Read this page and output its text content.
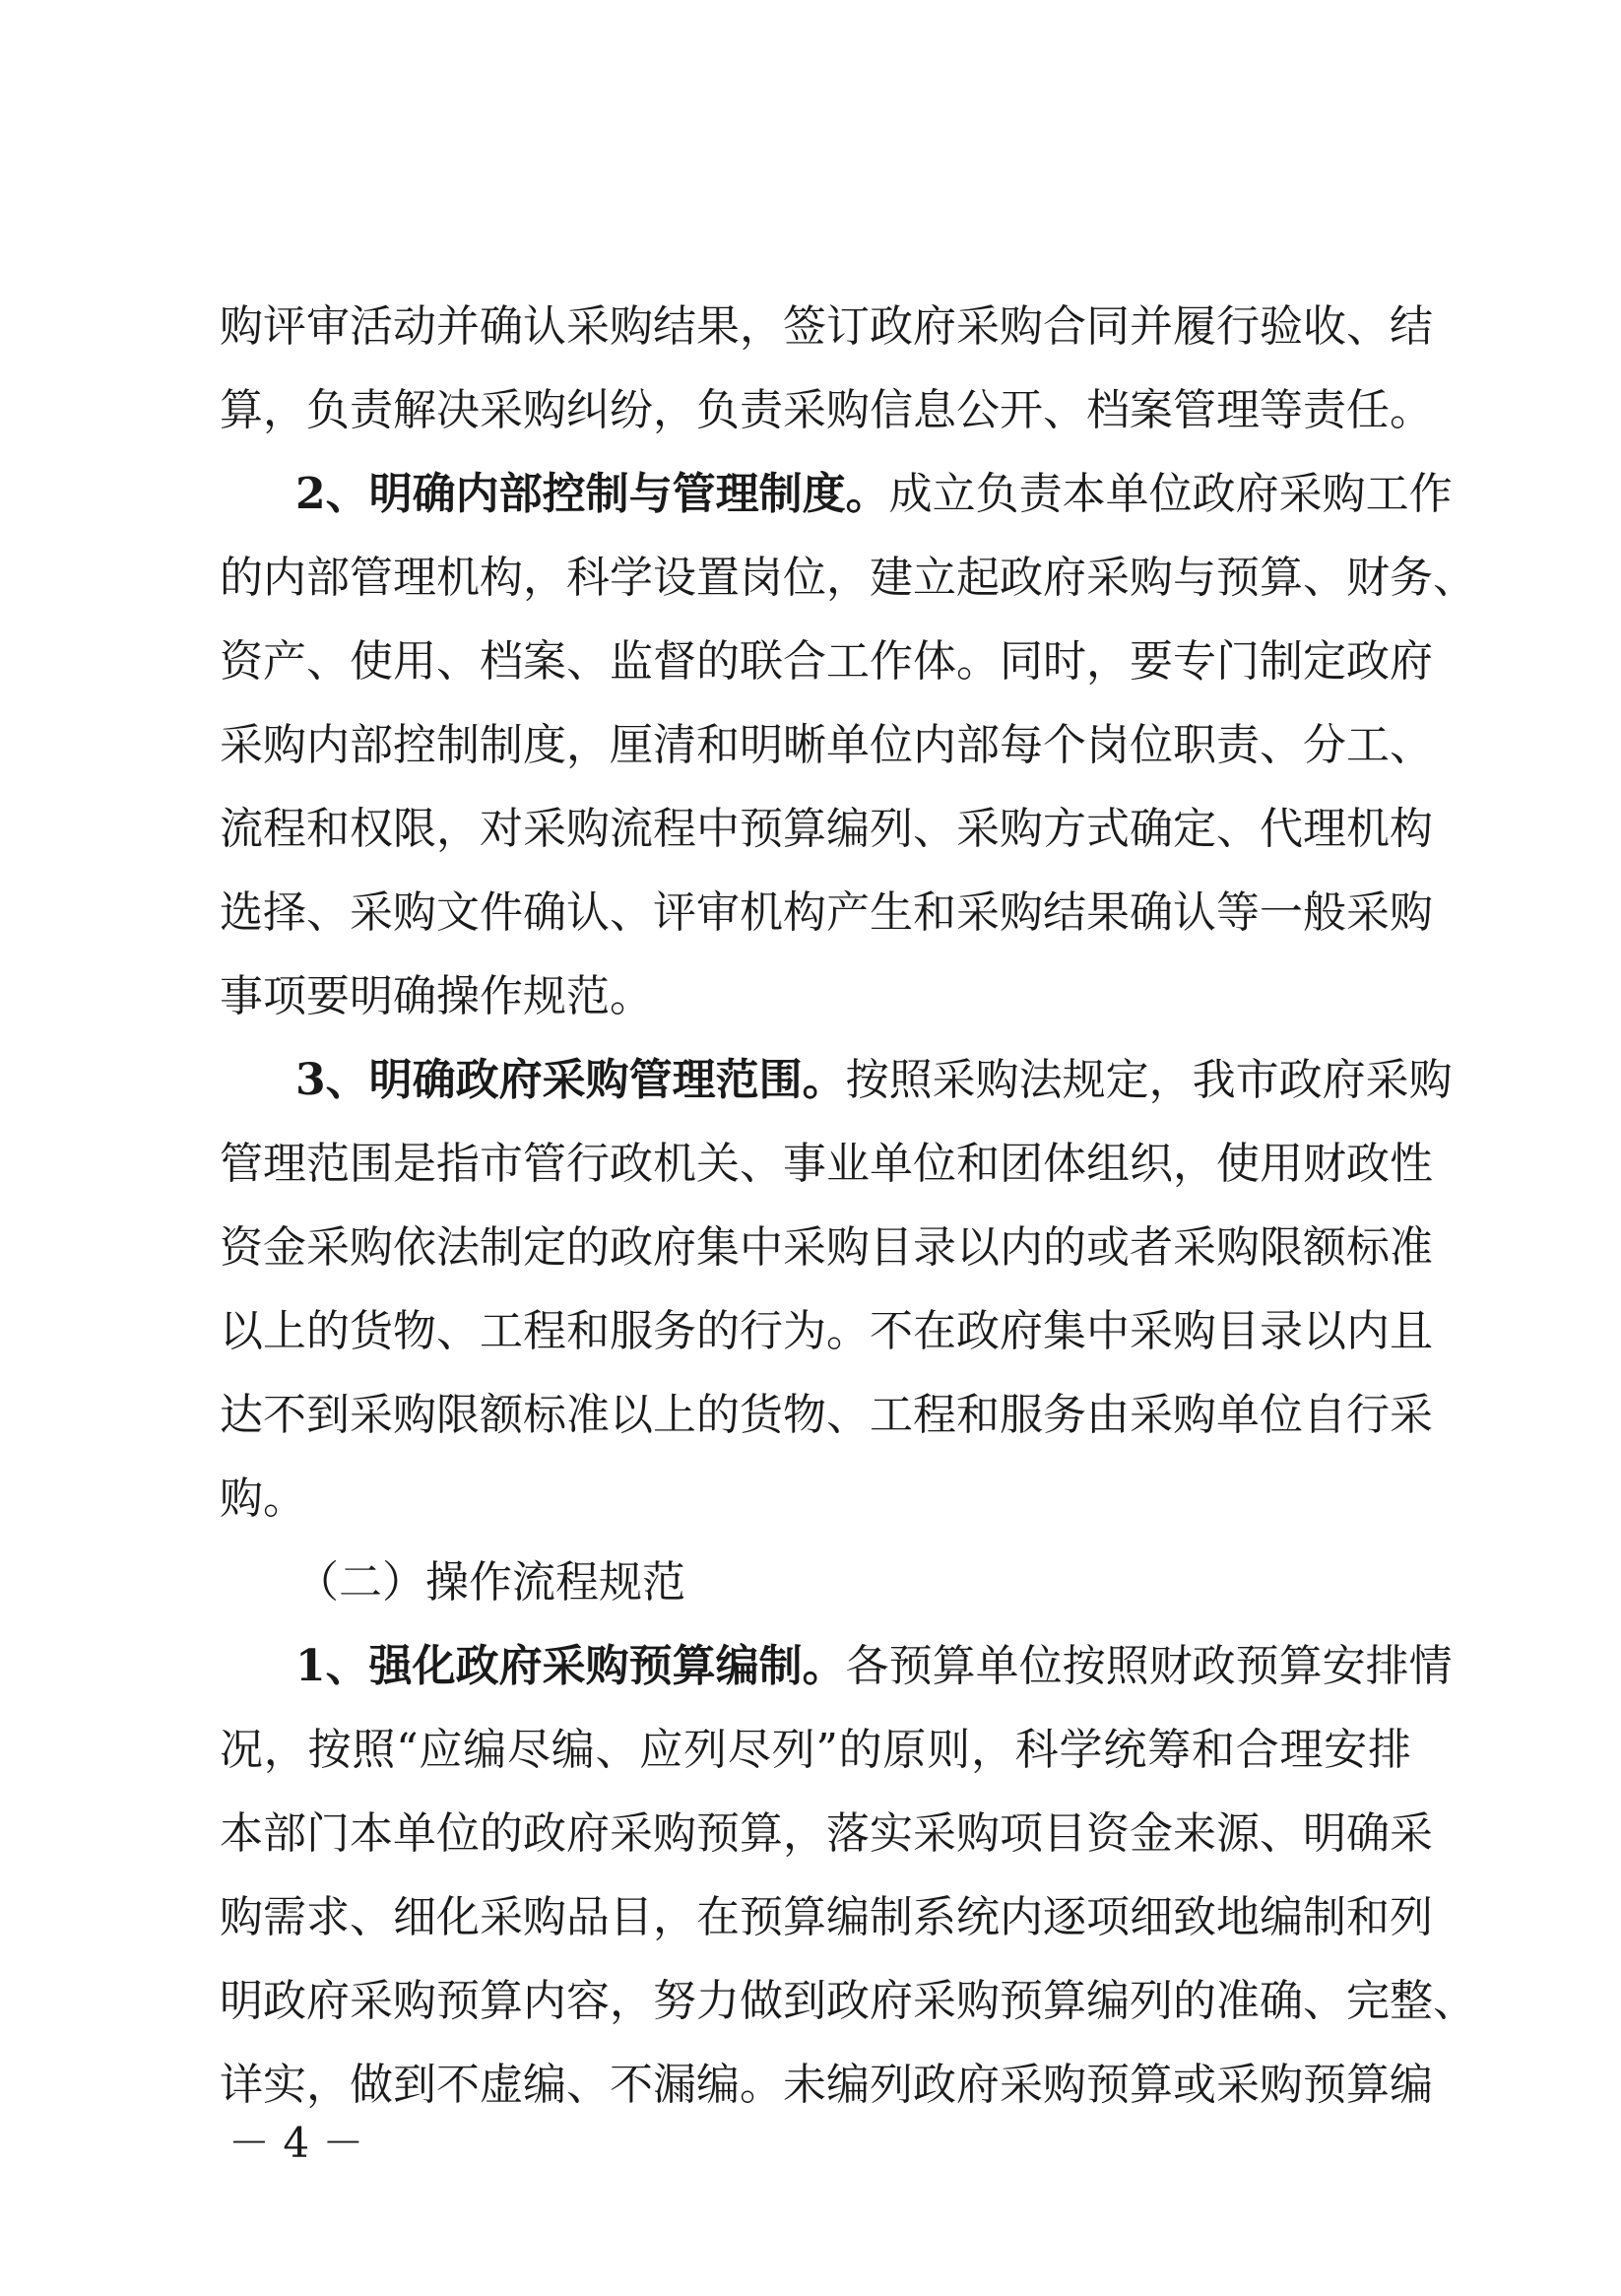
购评审活动并确认采购结果，签订政府采购合同并履行验收、结
算，负责解决采购纠纷，负责采购信息公开、档案管理等责任。
2、明确内部控制与管理制度。成立负责本单位政府采购工作
的内部管理机构，科学设置岗位，建立起政府采购与预算、财务、
资产、使用、档案、监督的联合工作体。同时，要专门制定政府
采购内部控制制度，厘清和明晰单位内部每个岗位职责、分工、
流程和权限，对采购流程中预算编列、采购方式确定、代理机构
选择、采购文件确认、评审机构产生和采购结果确认等一般采购
事项要明确操作规范。
3、明确政府采购管理范围。按照采购法规定，我市政府采购
管理范围是指市管行政机关、事业单位和团体组织，使用财政性
资金采购依法制定的政府集中采购目录以内的或者采购限额标准
以上的货物、工程和服务的行为。不在政府集中采购目录以内且
达不到采购限额标准以上的货物、工程和服务由采购单位自行采
购。
（二）操作流程规范
1、强化政府采购预算编制。各预算单位按照财政预算安排情
况，按照“应编尽编、应列尽列”的原则，科学统筹和合理安排
本部门本单位的政府采购预算，落实采购项目资金来源、明确采
购需求、细化采购品目，在预算编制系统内逐项细致地编制和列
明政府采购预算内容，努力做到政府采购预算编列的准确、完整、
详实，做到不虚编、不漏编。未编列政府采购预算或采购预算编
－ 4 －
